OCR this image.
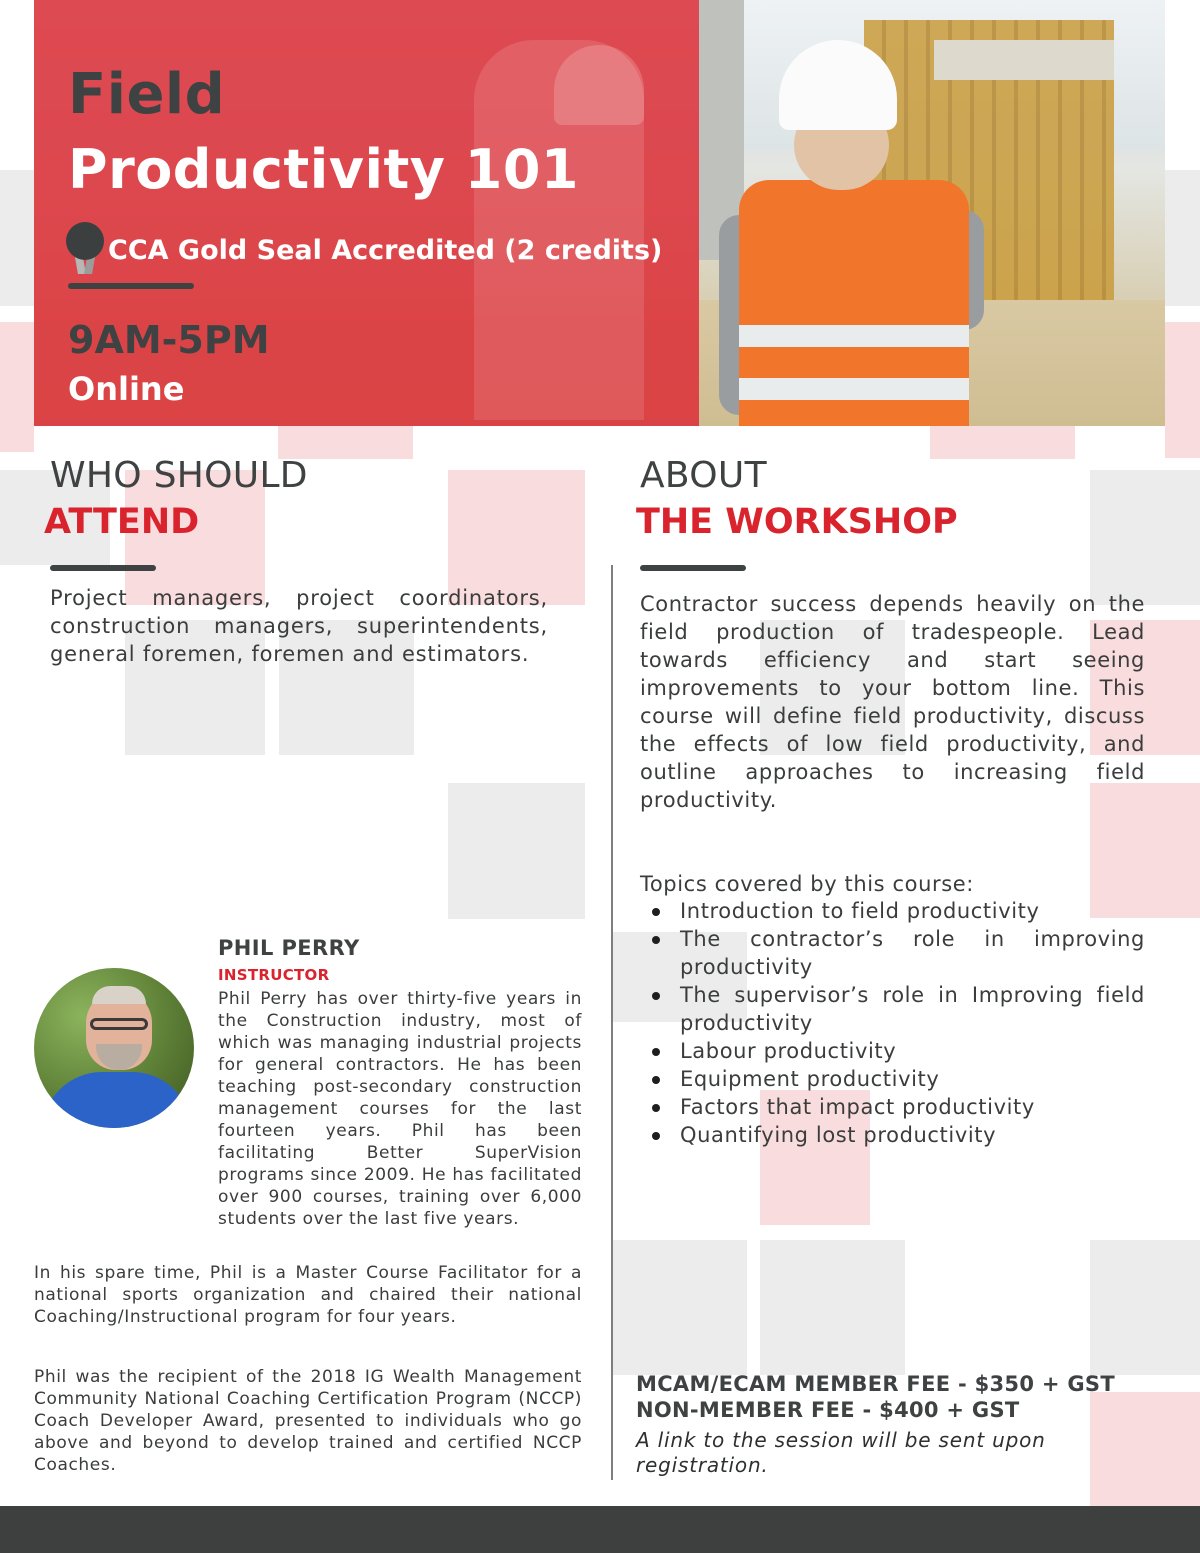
Field
Productivity 101
CCA Gold Seal Accredited (2 credits)
9AM-5PM
Online
WHO SHOULD
ATTEND

Project managers, project coordinators, construction managers, superintendents, general foremen, foremen and estimators.

ABOUT
THE WORKSHOP

Contractor success depends heavily on the field production of tradespeople. Lead towards efficiency and start seeing improvements to your bottom line. This course will define field productivity, discuss the effects of low field productivity, and outline approaches to increasing field productivity.

Topics covered by this course:
Introduction to field productivity
The contractor’s role in improving productivity
The supervisor’s role in Improving field productivity
Labour productivity
Equipment productivity
Factors that impact productivity
Quantifying lost productivity
PHIL PERRY
INSTRUCTOR

Phil Perry has over thirty-five years in the Construction industry, most of which was managing industrial projects for general contractors. He has been teaching post-secondary construction management courses for the last fourteen years. Phil has been facilitating Better SuperVision programs since 2009. He has facilitated over 900 courses, training over 6,000 students over the last five years.

In his spare time, Phil is a Master Course Facilitator for a national sports organization and chaired their national Coaching/Instructional program for four years.

Phil was the recipient of the 2018 IG Wealth Management Community National Coaching Certification Program (NCCP) Coach Developer Award, presented to individuals who go above and beyond to develop trained and certified NCCP Coaches.

MCAM/ECAM MEMBER FEE - $350 + GST
NON-MEMBER FEE - $400 + GST
A link to the session will be sent upon registration.
